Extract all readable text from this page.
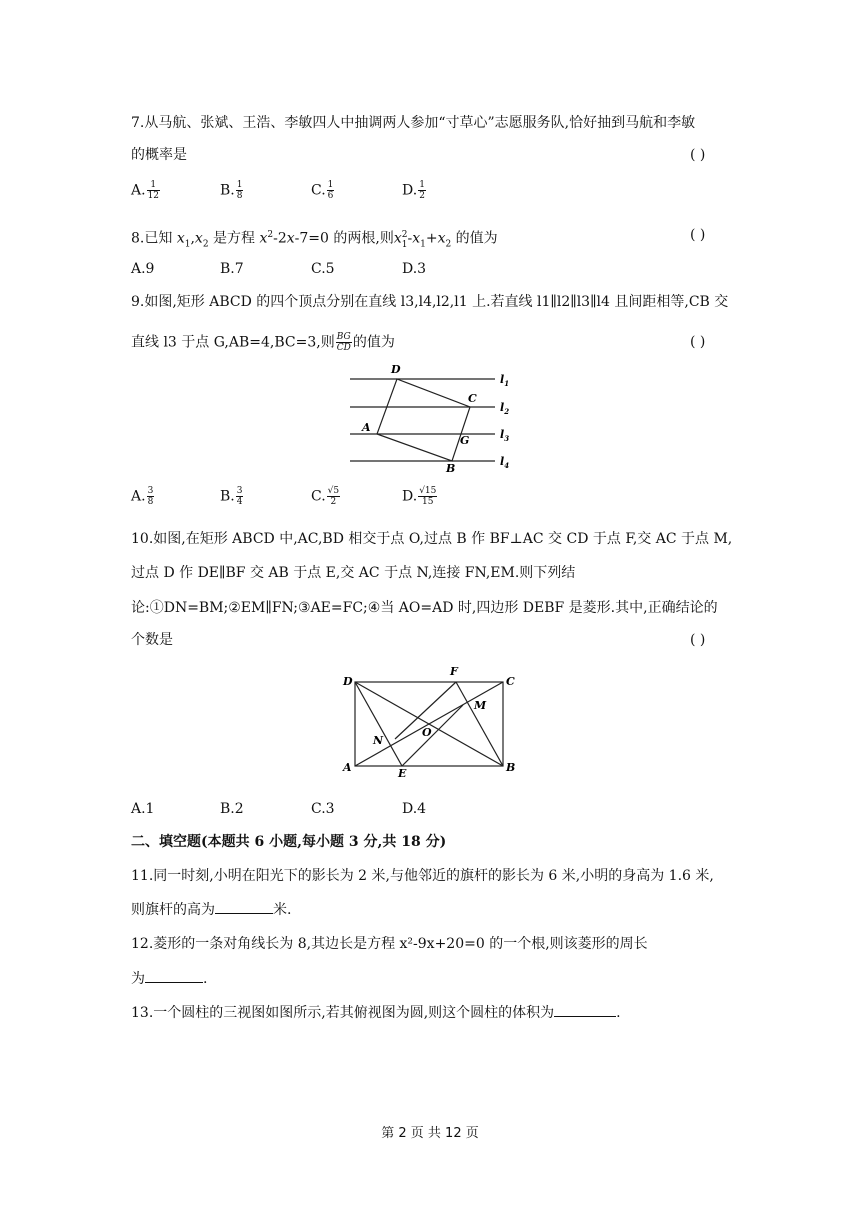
7.从马航、张斌、王浩、李敏四人中抽调两人参加“寸草心”志愿服务队,恰好抽到马航和李敏
的概率是	( )
A. $\frac{1}{12}$	B. $\frac{1}{8}$	C. $\frac{1}{6}$	D. $\frac{1}{2}$
8.已知 $x_1,x_2$ 是方程 $x^2-2x-7=0$ 的两根,则x 2
$_1-x_1+x_2$ 的值为	( )
A.9	B.7	C.5	D.3
9.如图,矩形 ABCD 的四个顶点分别在直线 l3,l4,l2,l1 上.若直线 l1∥l2∥l3∥l4 且间距相等,CB 交
直线 l3 于点 G,AB=4,BC=3,则 $\frac{BG}{CD}$ 的值为	( )
D
C
A
G
B
$l_1$
$l_2$
$l_3$
$l_4$
A. $\frac{3}{8}$	B. $\frac{3}{4}$	C. $\frac{√5}{2}$	D. $\frac{√15}{15}$
10.如图,在矩形 ABCD 中,AC,BD 相交于点 O,过点 B 作 BF⊥AC 交 CD 于点 F,交 AC 于点 M,
过点 D 作 DE∥BF 交 AB 于点 E,交 AC 于点 N,连接 FN,EM.则下列结
论:①DN=BM;②EM∥FN;③AE=FC;④当 AO=AD 时,四边形 DEBF 是菱形.其中,正确结论的
个数是	( )
D
F
C
M
N
O
A	E	B
A.1	B.2	C.3	D.4
二、填空题(本题共 6 小题,每小题 3 分,共 18 分)
11.同一时刻,小明在阳光下的影长为 2 米,与他邻近的旗杆的影长为 6 米,小明的身高为 1.6 米,
则旗杆的高为	米.
12.菱形的一条对角线长为 8,其边长是方程 x²-9x+20=0 的一个根,则该菱形的周长
为	.
13.一个圆柱的三视图如图所示,若其俯视图为圆,则这个圆柱的体积为	.
第 2 页 共 12 页
